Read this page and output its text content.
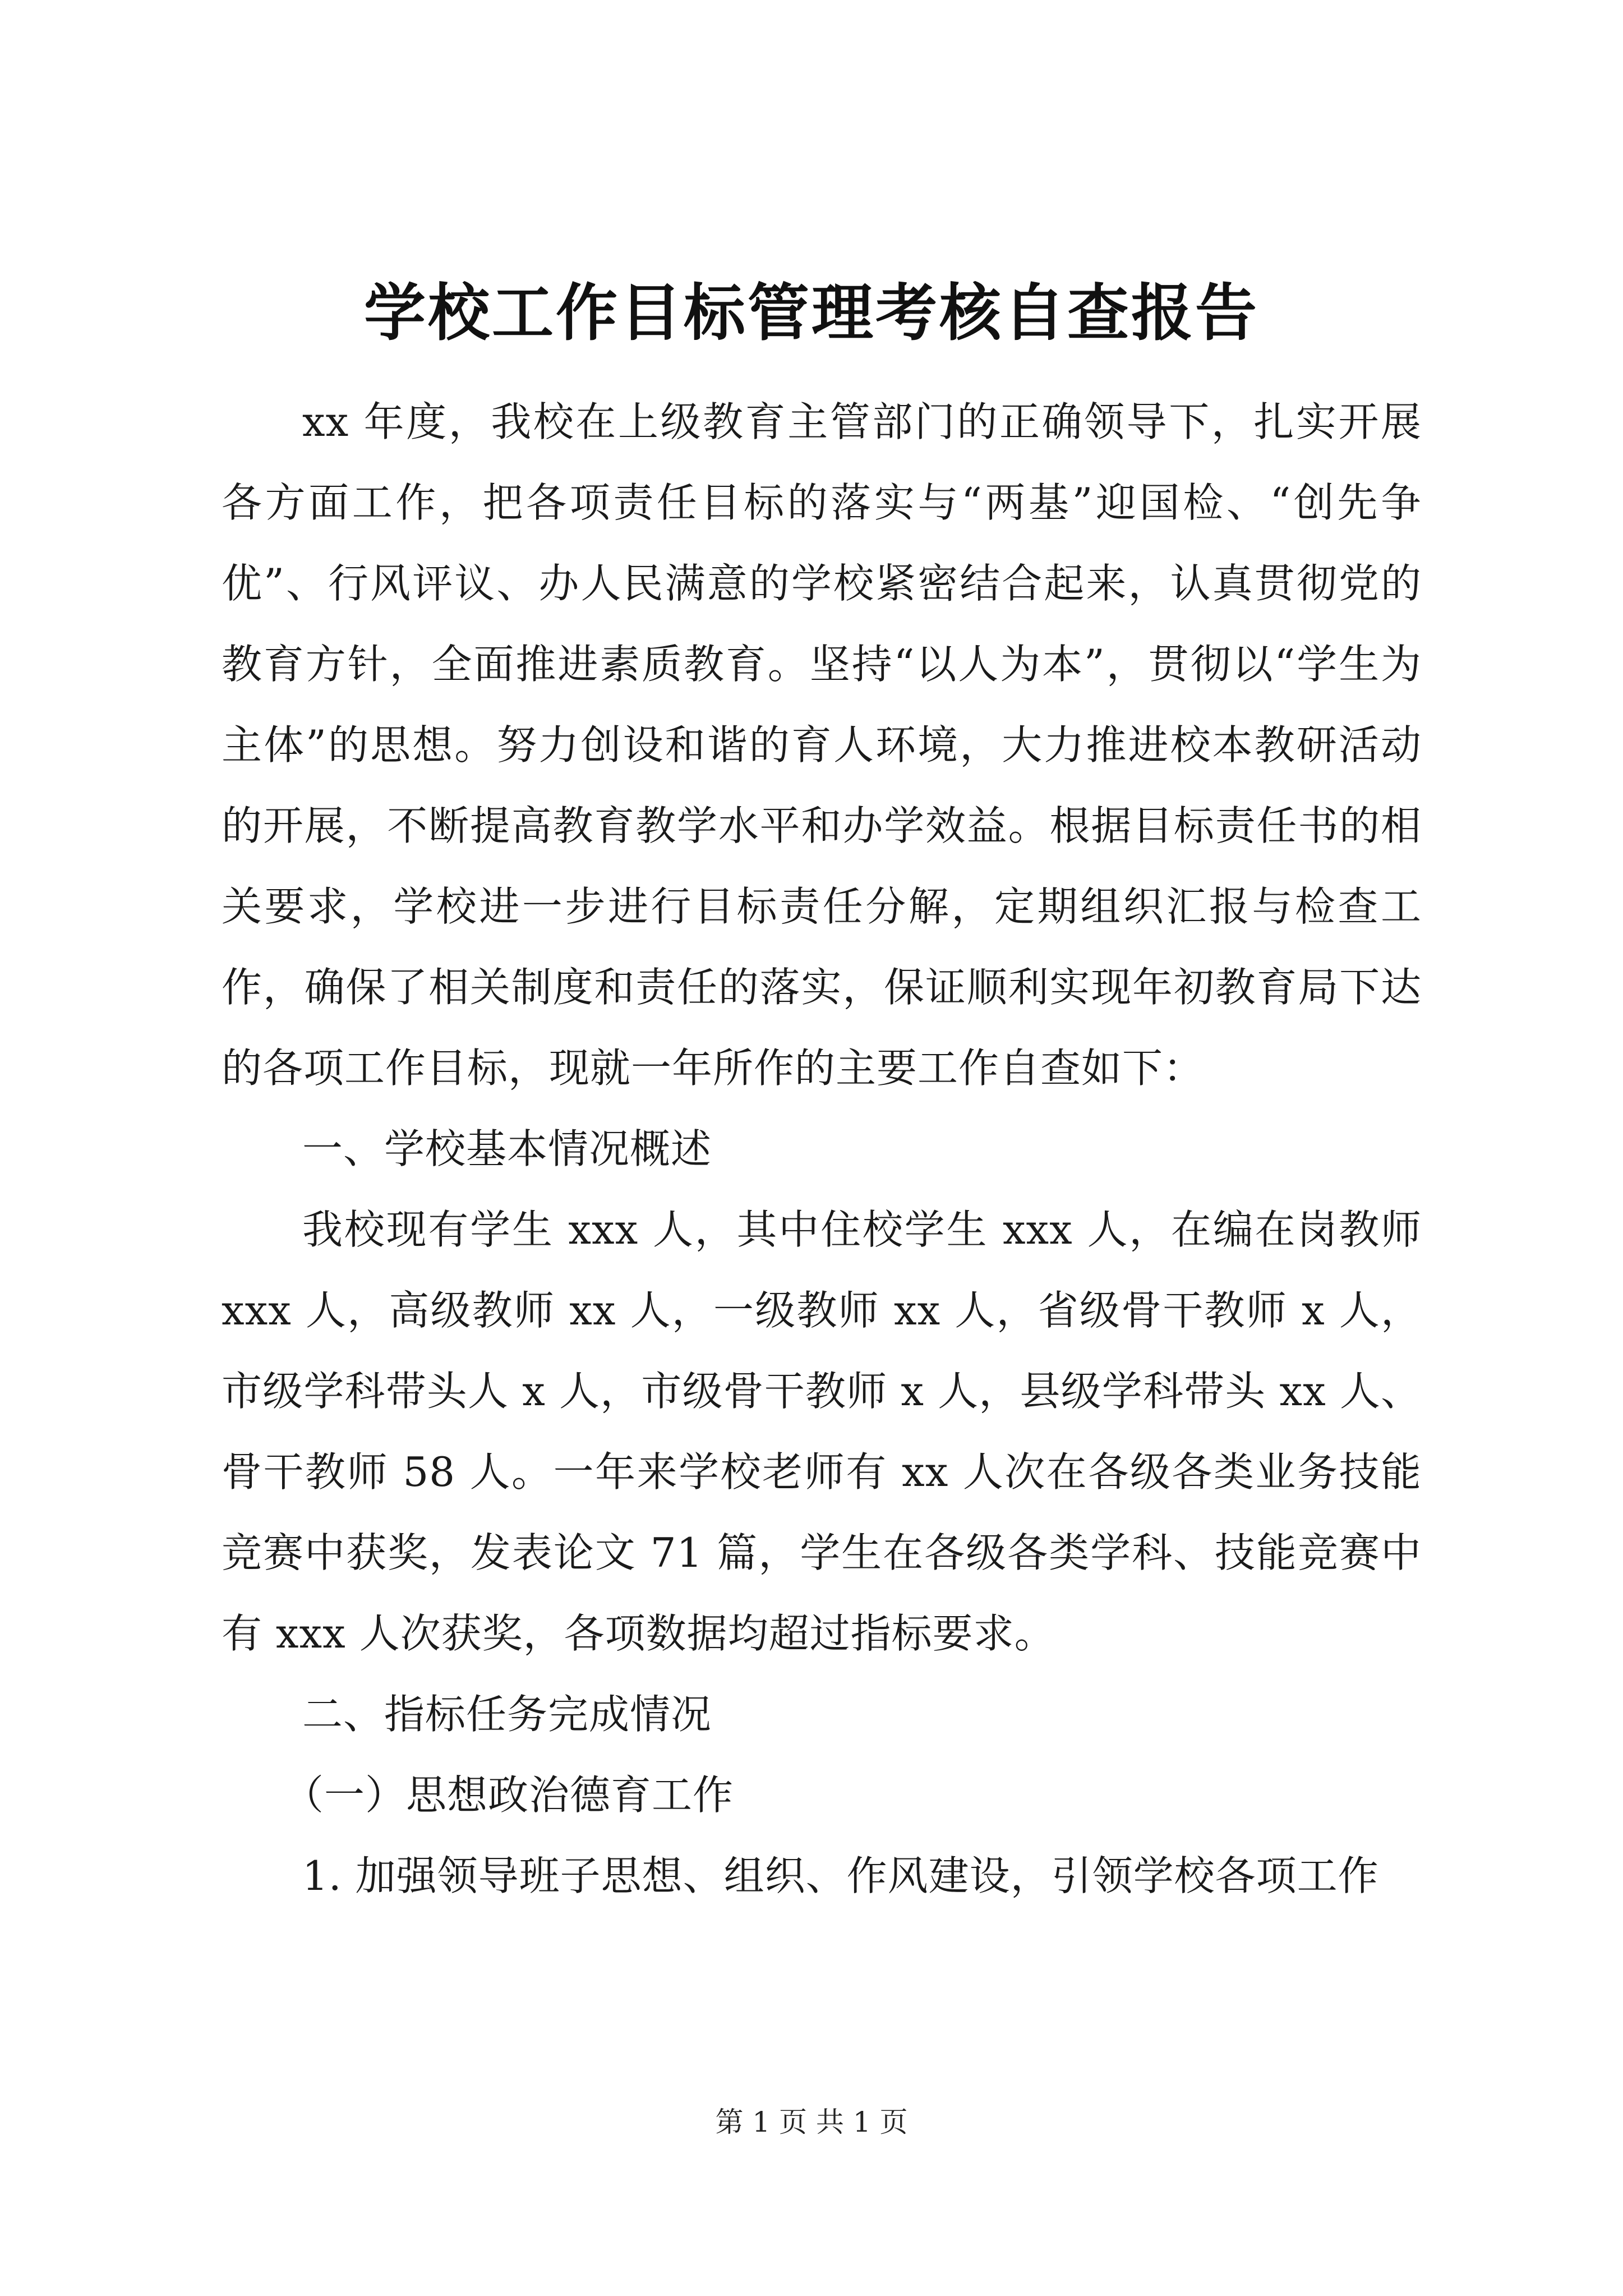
学校工作目标管理考核自查报告

xx 年度，我校在上级教育主管部门的正确领导下，扎实开展各方面工作，把各项责任目标的落实与“两基”迎国检、“创先争优”、行风评议、办人民满意的学校紧密结合起来，认真贯彻党的教育方针，全面推进素质教育。坚持“以人为本”，贯彻以“学生为主体”的思想。努力创设和谐的育人环境，大力推进校本教研活动的开展，不断提高教育教学水平和办学效益。根据目标责任书的相关要求，学校进一步进行目标责任分解，定期组织汇报与检查工作，确保了相关制度和责任的落实，保证顺利实现年初教育局下达的各项工作目标，现就一年所作的主要工作自查如下：

一、学校基本情况概述

我校现有学生 xxx 人，其中住校学生 xxx 人，在编在岗教师 xxx 人，高级教师 xx 人，一级教师 xx 人，省级骨干教师 x 人，市级学科带头人 x 人，市级骨干教师 x 人，县级学科带头 xx 人、骨干教师 58 人。一年来学校老师有 xx 人次在各级各类业务技能竞赛中获奖，发表论文 71 篇，学生在各级各类学科、技能竞赛中有 xxx 人次获奖，各项数据均超过指标要求。

二、指标任务完成情况

（一）思想政治德育工作

1. 加强领导班子思想、组织、作风建设，引领学校各项工作

第 1 页 共 1 页
